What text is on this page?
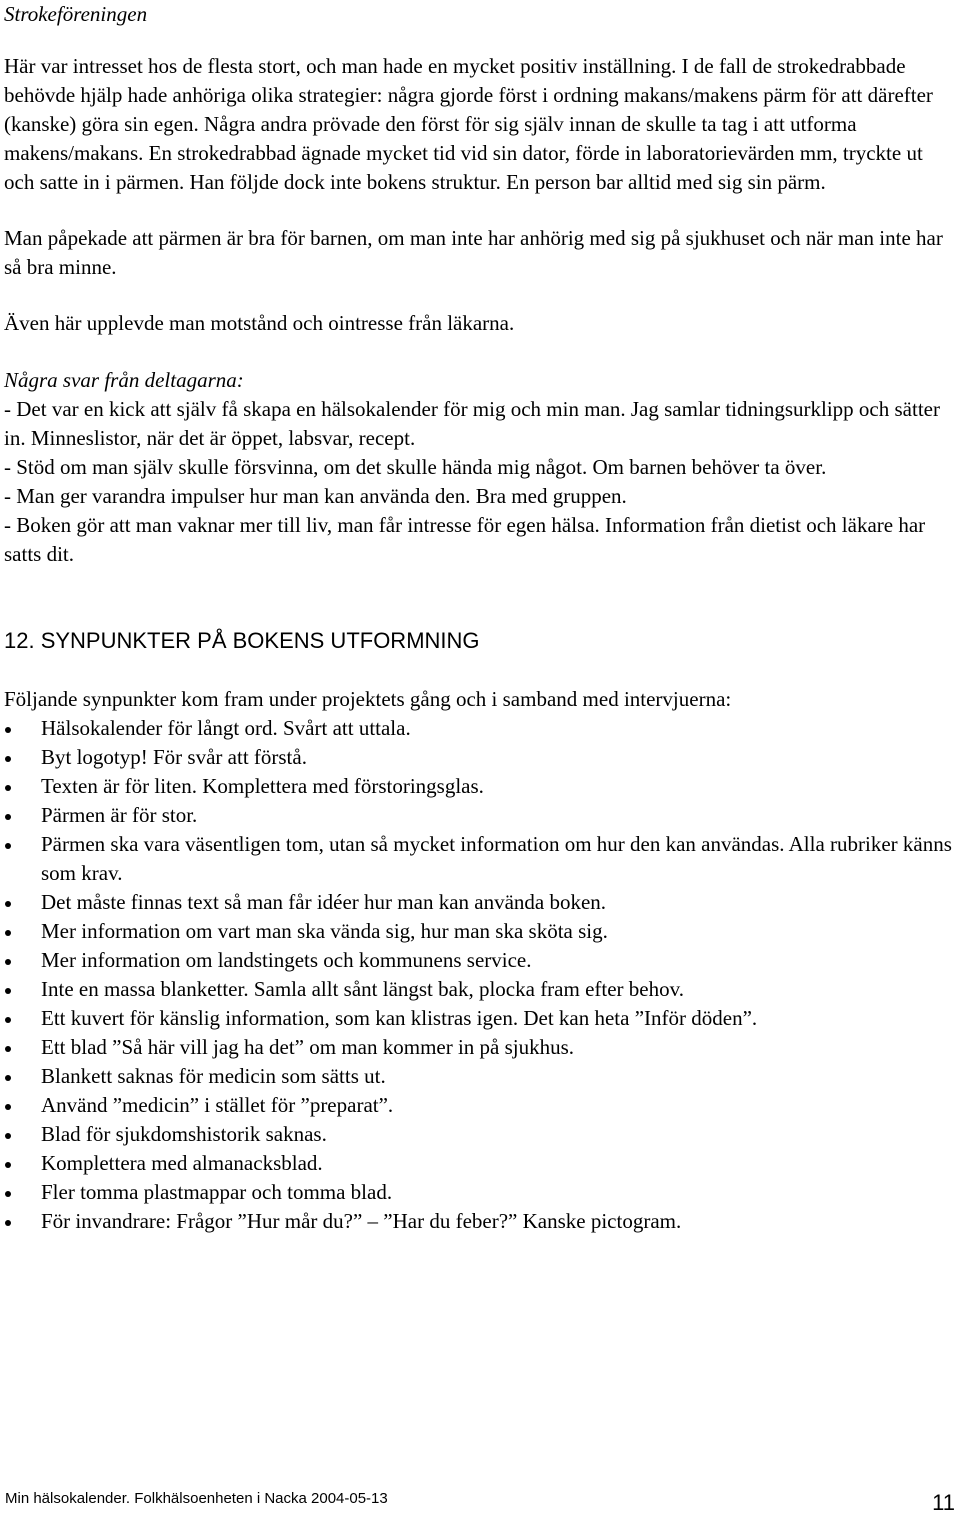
Strokeföreningen

Här var intresset hos de flesta stort, och man hade en mycket positiv inställning. I de fall de strokedrabbade behövde hjälp hade anhöriga olika strategier: några gjorde först i ordning makans/makens pärm för att därefter (kanske) göra sin egen. Några andra prövade den först för sig själv innan de skulle ta tag i att utforma makens/makans. En strokedrabbad ägnade mycket tid vid sin dator, förde in laboratorievärden mm, tryckte ut och satte in i pärmen. Han följde dock inte bokens struktur. En person bar alltid med sig sin pärm.

Man påpekade att pärmen är bra för barnen, om man inte har anhörig med sig på sjukhuset och när man inte har så bra minne.

Även här upplevde man motstånd och ointresse från läkarna.

Några svar från deltagarna:

- Det var en kick att själv få skapa en hälsokalender för mig och min man. Jag samlar tidningsurklipp och sätter in. Minneslistor, när det är öppet, labsvar, recept.

- Stöd om man själv skulle försvinna, om det skulle hända mig något. Om barnen behöver ta över.

- Man ger varandra impulser hur man kan använda den. Bra med gruppen.

- Boken gör att man vaknar mer till liv, man får intresse för egen hälsa. Information från dietist och läkare har satts dit.

12. SYNPUNKTER PÅ BOKENS UTFORMNING

Följande synpunkter kom fram under projektets gång och i samband med intervjuerna:

Hälsokalender för långt ord. Svårt att uttala.
Byt logotyp! För svår att förstå.
Texten är för liten. Komplettera med förstoringsglas.
Pärmen är för stor.
Pärmen ska vara väsentligen tom, utan så mycket information om hur den kan användas. Alla rubriker känns som krav.
Det måste finnas text så man får idéer hur man kan använda boken.
Mer information om vart man ska vända sig, hur man ska sköta sig.
Mer information om landstingets och kommunens service.
Inte en massa blanketter. Samla allt sånt längst bak, plocka fram efter behov.
Ett kuvert för känslig information, som kan klistras igen. Det kan heta ”Inför döden”.
Ett blad ”Så här vill jag ha det” om man kommer in på sjukhus.
Blankett saknas för medicin som sätts ut.
Använd ”medicin” i stället för ”preparat”.
Blad för sjukdomshistorik saknas.
Komplettera med almanacksblad.
Fler tomma plastmappar och tomma blad.
För invandrare: Frågor ”Hur mår du?” – ”Har du feber?” Kanske pictogram.
Min hälsokalender. Folkhälsoenheten i Nacka 2004-05-13	11
